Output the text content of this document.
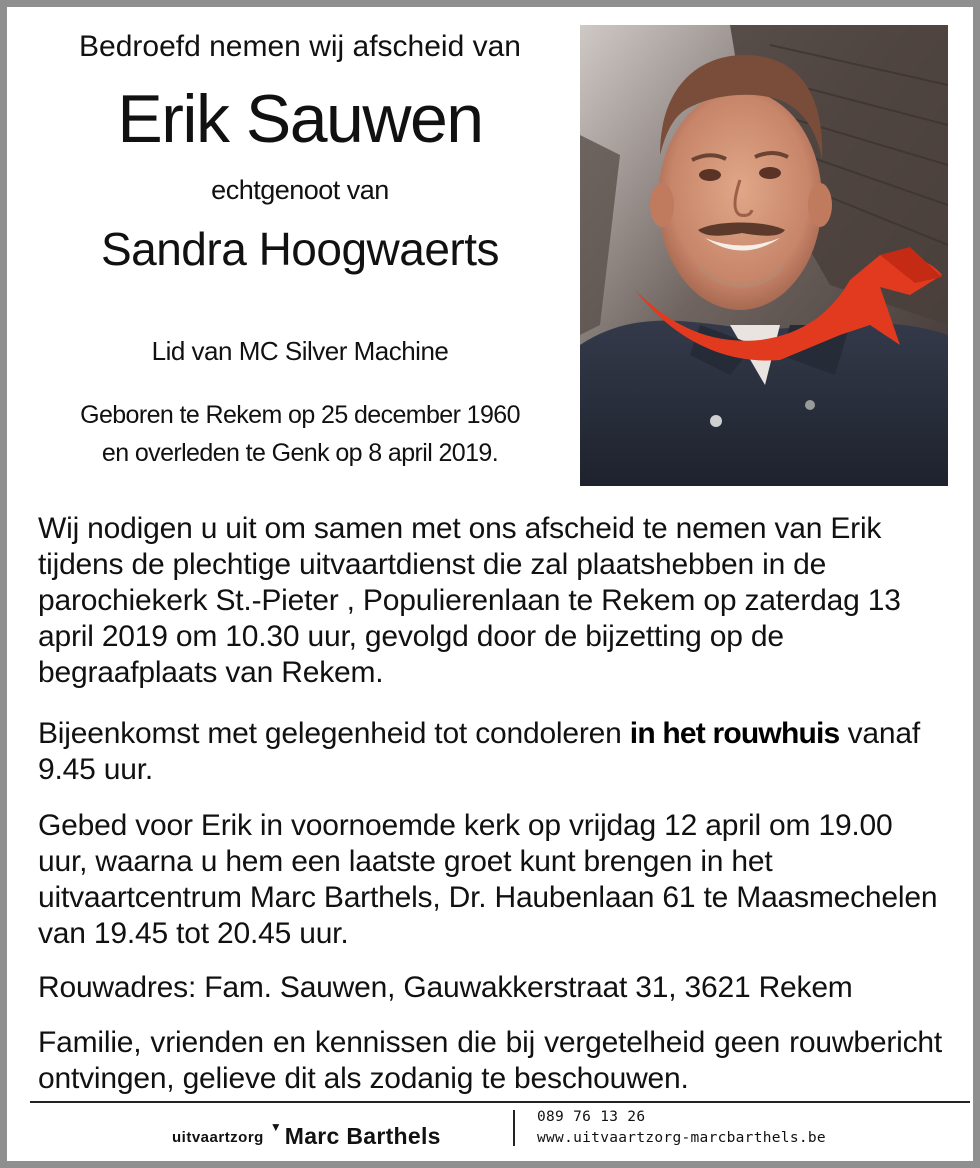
Bedroefd nemen wij afscheid van
Erik Sauwen
echtgenoot van
Sandra Hoogwaerts
Lid van MC Silver Machine
Geboren te Rekem op 25 december 1960
en overleden te Genk op 8 april 2019.
Wij nodigen u uit om samen met ons afscheid te nemen van Erik tijdens de plechtige uitvaartdienst die zal plaatshebben in de parochiekerk St.-Pieter , Populierenlaan te Rekem op zaterdag 13 april 2019 om 10.30 uur, gevolgd door de bijzetting op de begraafplaats van Rekem.
Bijeenkomst met gelegenheid tot condoleren in het rouwhuis vanaf 9.45 uur.
Gebed voor Erik in voornoemde kerk op vrijdag 12 april om 19.00 uur, waarna u hem een laatste groet kunt brengen in het uitvaartcentrum Marc Barthels, Dr. Haubenlaan 61 te Maasmechelen van 19.45 tot 20.45 uur.
Rouwadres: Fam. Sauwen, Gauwakkerstraat 31, 3621 Rekem
Familie, vrienden en kennissen die bij vergetelheid geen rouwbericht ontvingen, gelieve dit als zodanig te beschouwen.
uitvaartzorg
▼ Marc Barthels
089 76 13 26
www.uitvaartzorg-marcbarthels.be
